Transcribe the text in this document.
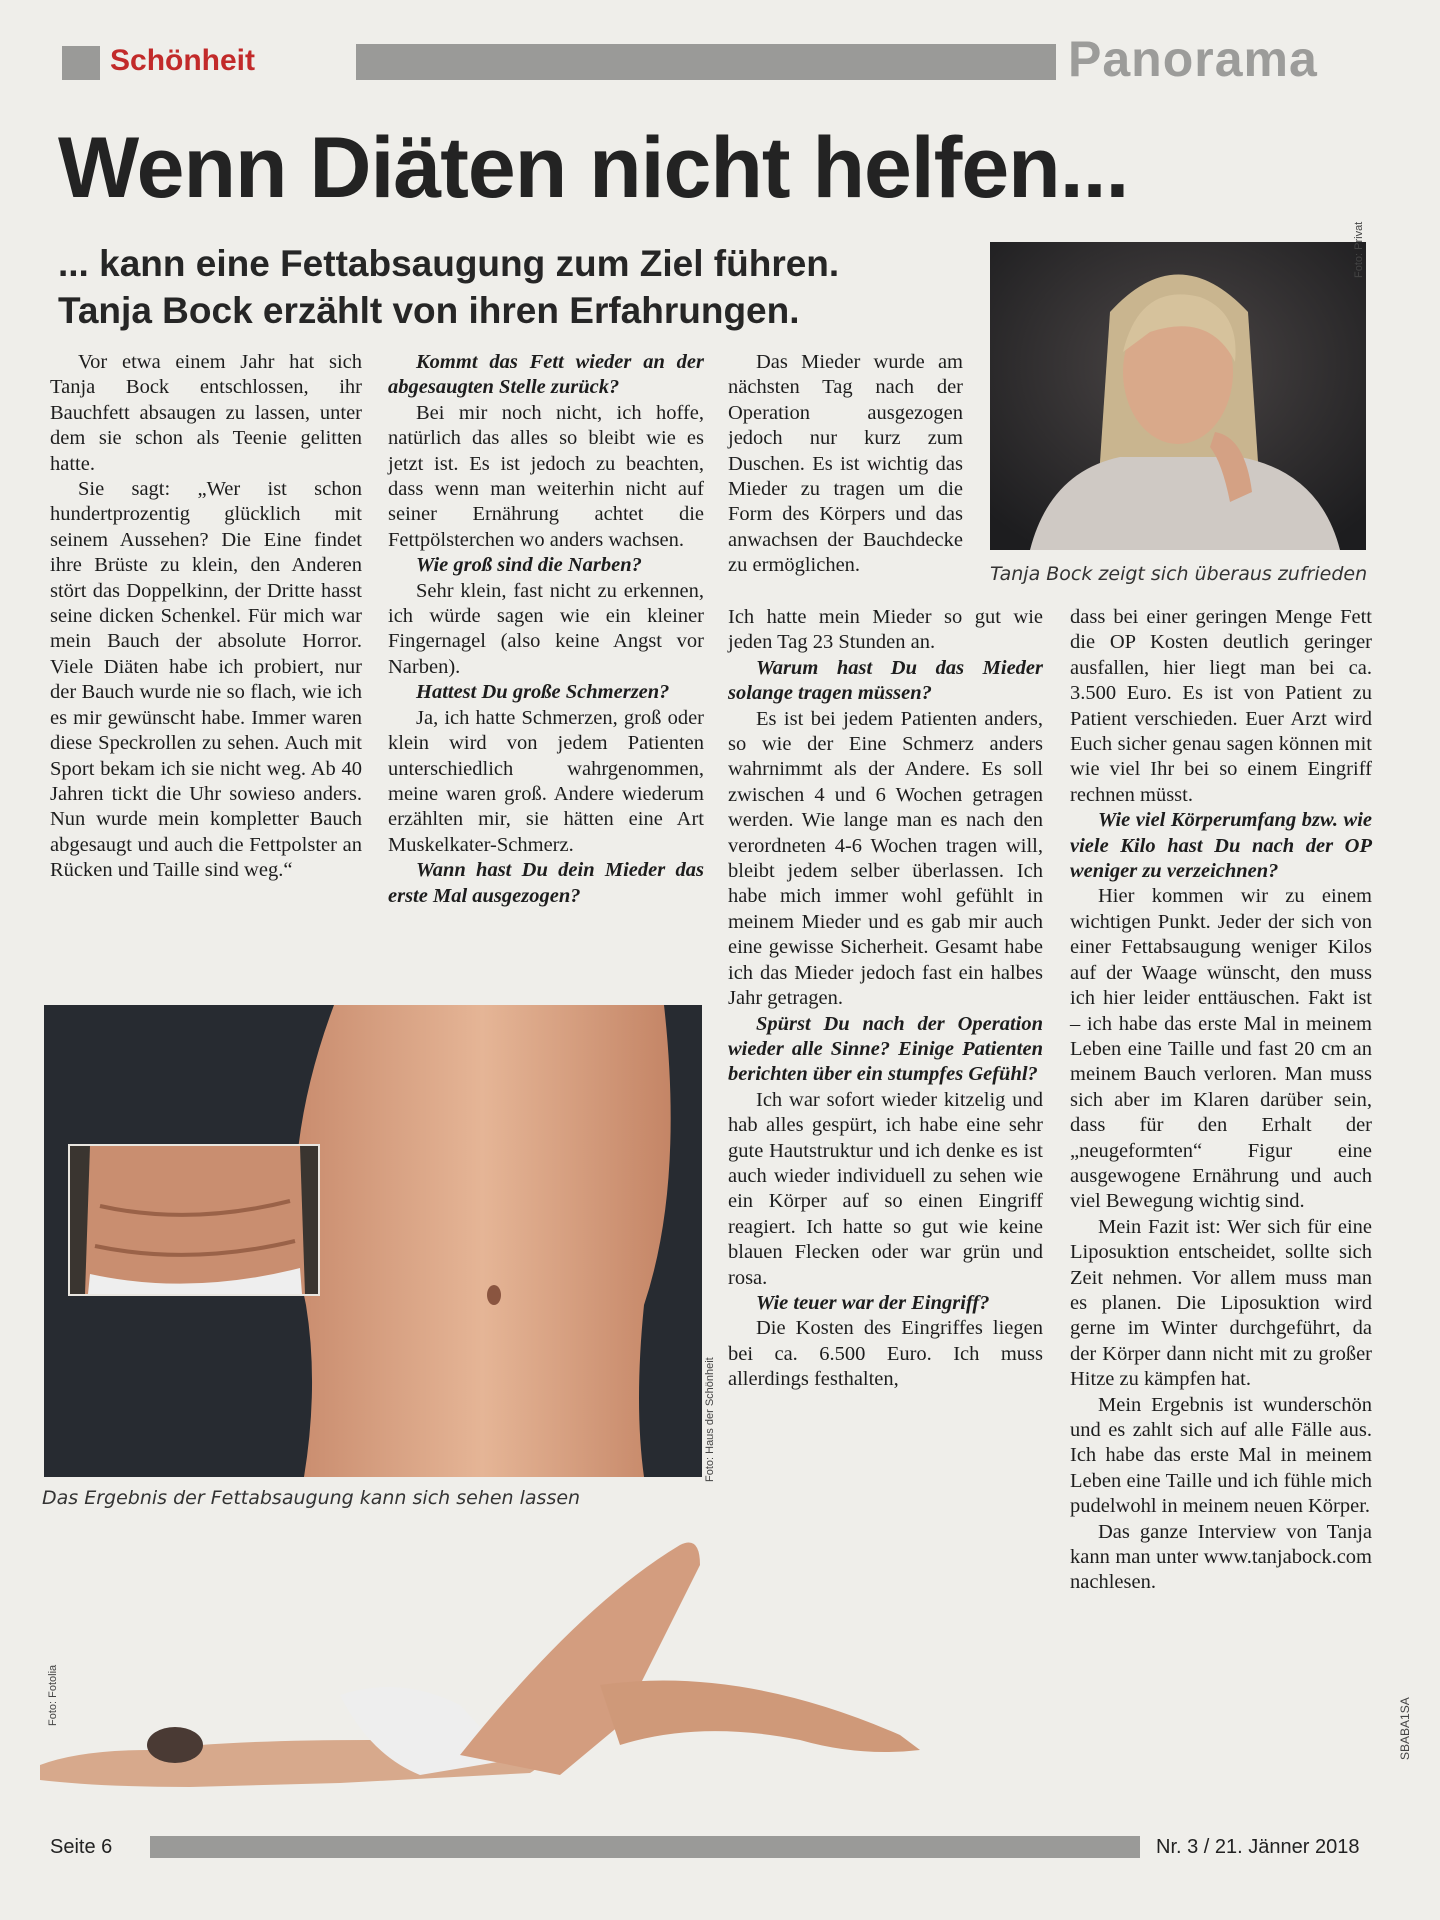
Schönheit	Panorama
Wenn Diäten nicht helfen...
... kann eine Fettabsaugung zum Ziel führen.
Tanja Bock erzählt von ihren Erfahrungen.
Foto: Privat
Tanja Bock zeigt sich überaus zufrieden

Vor etwa einem Jahr hat sich Tanja Bock entschlossen, ihr Bauchfett absaugen zu lassen, unter dem sie schon als Teenie gelitten hatte.

Sie sagt: „Wer ist schon hundertprozentig glücklich mit seinem Aussehen? Die Eine findet ihre Brüste zu klein, den Anderen stört das Doppelkinn, der Dritte hasst seine dicken Schenkel. Für mich war mein Bauch der absolute Horror. Viele Diäten habe ich probiert, nur der Bauch wurde nie so flach, wie ich es mir gewünscht habe. Immer waren diese Speckrollen zu sehen. Auch mit Sport bekam ich sie nicht weg. Ab 40 Jahren tickt die Uhr sowieso anders. Nun wurde mein kompletter Bauch abgesaugt und auch die Fettpolster an Rücken und Taille sind weg.“

Kommt das Fett wieder an der abgesaugten Stelle zurück?

Bei mir noch nicht, ich hoffe, natürlich das alles so bleibt wie es jetzt ist. Es ist jedoch zu beachten, dass wenn man weiterhin nicht auf seiner Ernährung achtet die Fettpölsterchen wo anders wachsen.

Wie groß sind die Narben?

Sehr klein, fast nicht zu erkennen, ich würde sagen wie ein kleiner Fingernagel (also keine Angst vor Narben).

Hattest Du große Schmerzen?

Ja, ich hatte Schmerzen, groß oder klein wird von jedem Patienten unterschiedlich wahrgenommen, meine waren groß. Andere wiederum erzählten mir, sie hätten eine Art Muskelkater-Schmerz.

Wann hast Du dein Mieder das erste Mal ausgezogen?

Das Mieder wurde am nächsten Tag nach der Operation ausgezogen jedoch nur kurz zum Duschen. Es ist wichtig das Mieder zu tragen um die Form des Körpers und das anwachsen der Bauchdecke zu ermöglichen.

Ich hatte mein Mieder so gut wie jeden Tag 23 Stunden an.

Warum hast Du das Mieder solange tragen müssen?

Es ist bei jedem Patienten anders, so wie der Eine Schmerz anders wahrnimmt als der Andere. Es soll zwischen 4 und 6 Wochen getragen werden. Wie lange man es nach den verordneten 4-6 Wochen tragen will, bleibt jedem selber überlassen. Ich habe mich immer wohl gefühlt in meinem Mieder und es gab mir auch eine gewisse Sicherheit. Gesamt habe ich das Mieder jedoch fast ein halbes Jahr getragen.

Spürst Du nach der Operation wieder alle Sinne? Einige Patienten berichten über ein stumpfes Gefühl?

Ich war sofort wieder kitzelig und hab alles gespürt, ich habe eine sehr gute Hautstruktur und ich denke es ist auch wieder individuell zu sehen wie ein Körper auf so einen Eingriff reagiert. Ich hatte so gut wie keine blauen Flecken oder war grün und rosa.

Wie teuer war der Eingriff?

Die Kosten des Eingriffes liegen bei ca. 6.500 Euro. Ich muss allerdings festhalten,

dass bei einer geringen Menge Fett die OP Kosten deutlich geringer ausfallen, hier liegt man bei ca. 3.500 Euro. Es ist von Patient zu Patient verschieden. Euer Arzt wird Euch sicher genau sagen können mit wie viel Ihr bei so einem Eingriff rechnen müsst.

Wie viel Körperumfang bzw. wie viele Kilo hast Du nach der OP weniger zu verzeichnen?

Hier kommen wir zu einem wichtigen Punkt. Jeder der sich von einer Fettabsaugung weniger Kilos auf der Waage wünscht, den muss ich hier leider enttäuschen. Fakt ist – ich habe das erste Mal in meinem Leben eine Taille und fast 20 cm an meinem Bauch verloren. Man muss sich aber im Klaren darüber sein, dass für den Erhalt der „neugeformten“ Figur eine ausgewogene Ernährung und auch viel Bewegung wichtig sind.

Mein Fazit ist: Wer sich für eine Liposuktion entscheidet, sollte sich Zeit nehmen. Vor allem muss man es planen. Die Liposuktion wird gerne im Winter durchgeführt, da der Körper dann nicht mit zu großer Hitze zu kämpfen hat.

Mein Ergebnis ist wunderschön und es zahlt sich auf alle Fälle aus. Ich habe das erste Mal in meinem Leben eine Taille und ich fühle mich pudelwohl in meinem neuen Körper.

Das ganze Interview von Tanja kann man unter www.tanjabock.com nachlesen.

Foto: Haus der Schönheit
Das Ergebnis der Fettabsaugung kann sich sehen lassen
Foto: Fotolia
SBABA1SA
Seite 6	Nr. 3 / 21. Jänner 2018
